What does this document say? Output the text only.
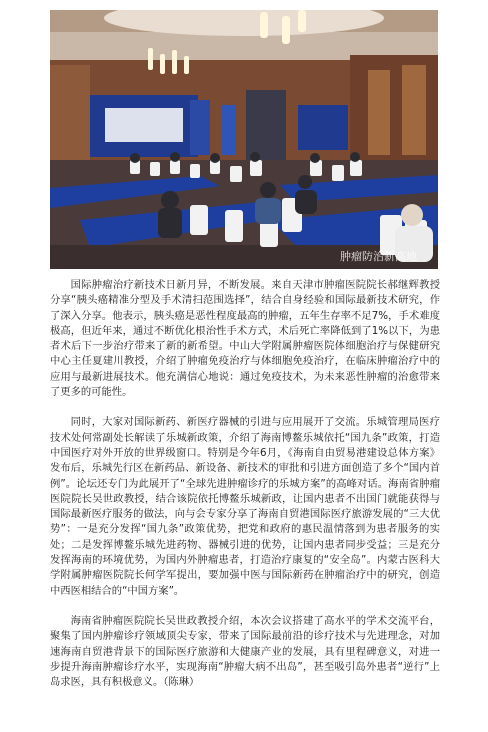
肿瘤防治新高地

国际肿瘤治疗新技术日新月异，不断发展。来自天津市肿瘤医院院长郝继辉教授分享“胰头癌精准分型及手术清扫范围选择”，结合自身经验和国际最新技术研究，作了深入分享。他表示，胰头癌是恶性程度最高的肿瘤，五年生存率不足7%，手术难度极高，但近年来，通过不断优化根治性手术方式，术后死亡率降低到了1%以下，为患者术后下一步治疗带来了新的新希望。中山大学附属肿瘤医院体细胞治疗与保健研究中心主任夏建川教授，介绍了肿瘤免疫治疗与体细胞免疫治疗，在临床肿瘤治疗中的应用与最新进展技术。他充满信心地说：通过免疫技术，为未来恶性肿瘤的治愈带来了更多的可能性。

同时，大家对国际新药、新医疗器械的引进与应用展开了交流。乐城管理局医疗技术处何常副处长解读了乐城新政策，介绍了海南博鳌乐城依托“国九条”政策，打造中国医疗对外开放的世界级窗口。特别是今年6月，《海南自由贸易港建设总体方案》发布后，乐城先行区在新药品、新设备、新技术的审批和引进方面创造了多个“国内首例”。论坛还专门为此展开了“全球先进肿瘤诊疗的乐城方案”的高峰对话。海南省肿瘤医院院长吴世政教授，结合该院依托博鳌乐城新政，让国内患者不出国门就能获得与国际最新医疗服务的做法，向与会专家分享了海南自贸港国际医疗旅游发展的“三大优势”：一是充分发挥“国九条”政策优势，把党和政府的惠民温情落到为患者服务的实处；二是发挥博鳌乐城先进药物、器械引进的优势，让国内患者同步受益；三是充分发挥海南的环境优势，为国内外肿瘤患者，打造治疗康复的“安全岛”。内蒙古医科大学附属肿瘤医院院长何学军提出，要加强中医与国际新药在肿瘤治疗中的研究，创造中西医相结合的“中国方案”。

海南省肿瘤医院院长吴世政教授介绍，本次会议搭建了高水平的学术交流平台，聚集了国内肿瘤诊疗领域顶尖专家，带来了国际最前沿的诊疗技术与先进理念，对加速海南自贸港背景下的国际医疗旅游和大健康产业的发展，具有里程碑意义，对进一步提升海南肿瘤诊疗水平，实现海南“肿瘤大病不出岛”，甚至吸引岛外患者“逆行”上岛求医，具有积极意义。（陈琳）
